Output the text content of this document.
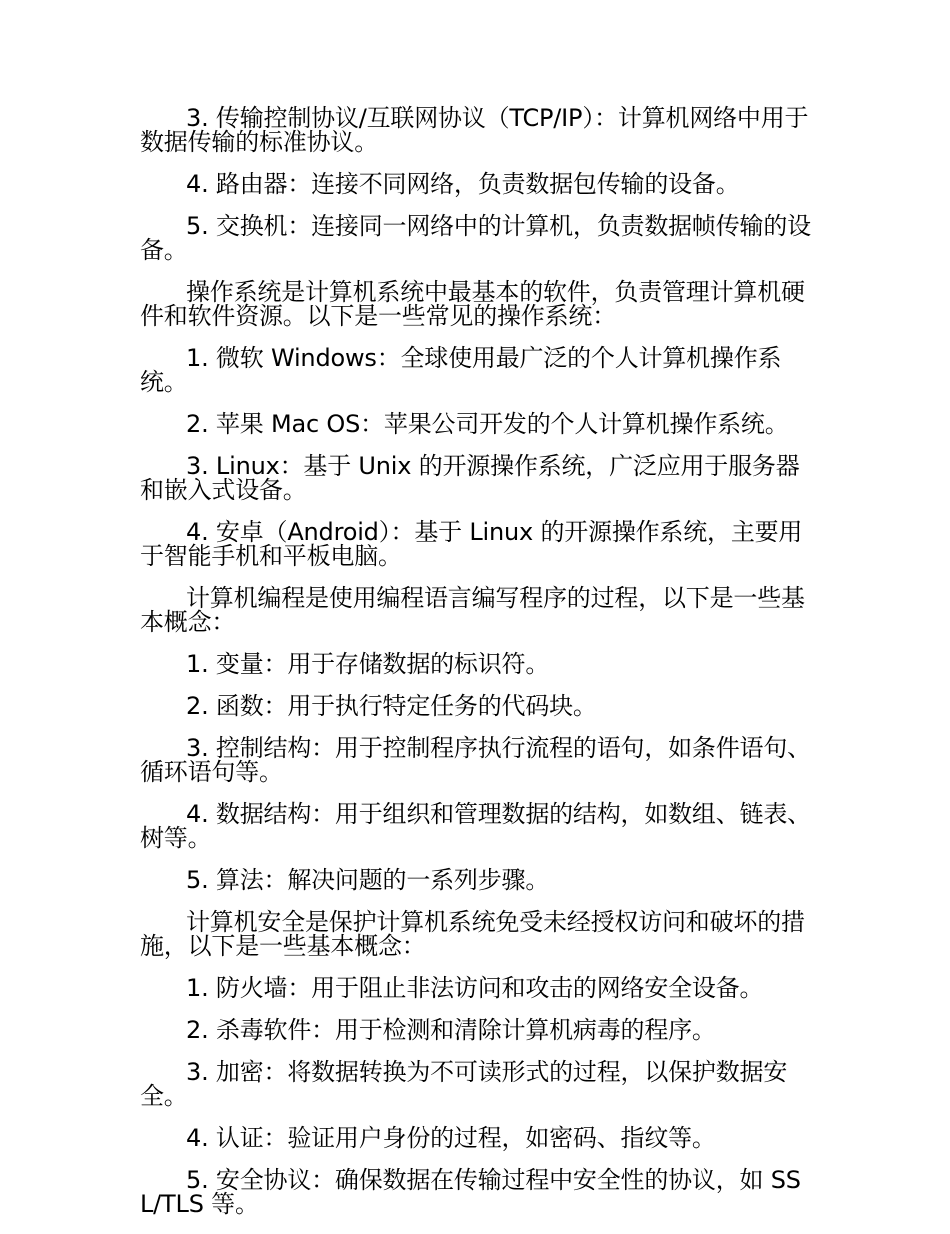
3. 传输控制协议/互联网协议（TCP/IP）：计算机网络中用于数据传输的标准协议。

4. 路由器：连接不同网络，负责数据包传输的设备。

5. 交换机：连接同一网络中的计算机，负责数据帧传输的设备。

操作系统是计算机系统中最基本的软件，负责管理计算机硬件和软件资源。以下是一些常见的操作系统：

1. 微软 Windows：全球使用最广泛的个人计算机操作系统。

2. 苹果 Mac OS：苹果公司开发的个人计算机操作系统。

3. Linux：基于 Unix 的开源操作系统，广泛应用于服务器和嵌入式设备。

4. 安卓（Android）：基于 Linux 的开源操作系统，主要用于智能手机和平板电脑。

计算机编程是使用编程语言编写程序的过程，以下是一些基本概念：

1. 变量：用于存储数据的标识符。

2. 函数：用于执行特定任务的代码块。

3. 控制结构：用于控制程序执行流程的语句，如条件语句、循环语句等。

4. 数据结构：用于组织和管理数据的结构，如数组、链表、树等。

5. 算法：解决问题的一系列步骤。

计算机安全是保护计算机系统免受未经授权访问和破坏的措施，以下是一些基本概念：

1. 防火墙：用于阻止非法访问和攻击的网络安全设备。

2. 杀毒软件：用于检测和清除计算机病毒的程序。

3. 加密：将数据转换为不可读形式的过程，以保护数据安全。

4. 认证：验证用户身份的过程，如密码、指纹等。

5. 安全协议：确保数据在传输过程中安全性的协议，如 SSL/TLS 等。
